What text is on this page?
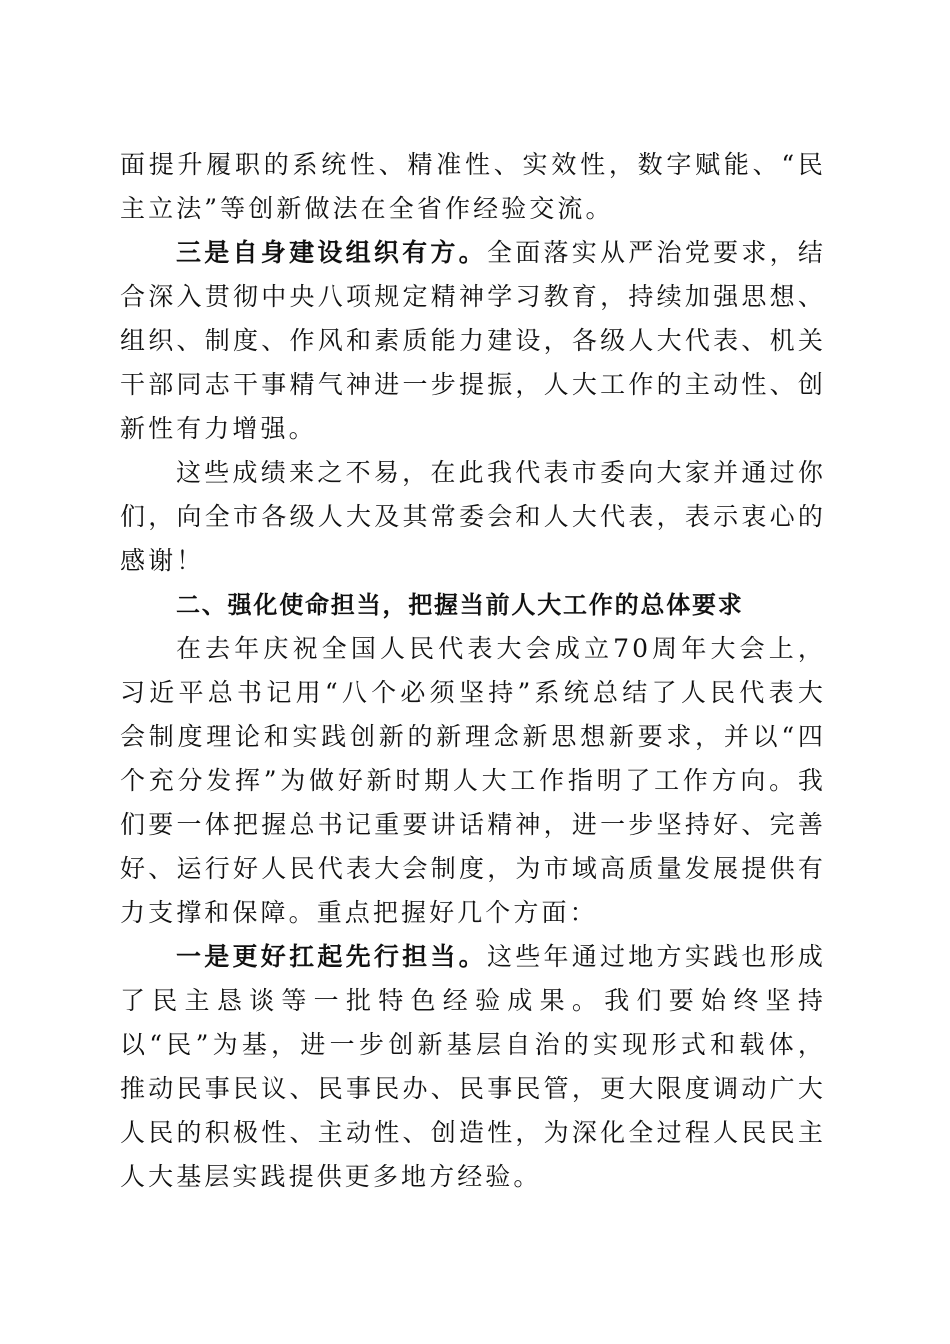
面提升履职的系统性、精准性、实效性，数字赋能、“民主立法”等创新做法在全省作经验交流。

三是自身建设组织有方。全面落实从严治党要求，结合深入贯彻中央八项规定精神学习教育，持续加强思想、组织、制度、作风和素质能力建设，各级人大代表、机关干部同志干事精气神进一步提振，人大工作的主动性、创新性有力增强。

这些成绩来之不易，在此我代表市委向大家并通过你们，向全市各级人大及其常委会和人大代表，表示衷心的感谢！

二、强化使命担当，把握当前人大工作的总体要求

在去年庆祝全国人民代表大会成立70周年大会上，习近平总书记用“八个必须坚持”系统总结了人民代表大会制度理论和实践创新的新理念新思想新要求，并以“四个充分发挥”为做好新时期人大工作指明了工作方向。我们要一体把握总书记重要讲话精神，进一步坚持好、完善好、运行好人民代表大会制度，为市域高质量发展提供有力支撑和保障。重点把握好几个方面：

一是更好扛起先行担当。这些年通过地方实践也形成了民主恳谈等一批特色经验成果。我们要始终坚持以“民”为基，进一步创新基层自治的实现形式和载体，推动民事民议、民事民办、民事民管，更大限度调动广大人民的积极性、主动性、创造性，为深化全过程人民民主人大基层实践提供更多地方经验。
